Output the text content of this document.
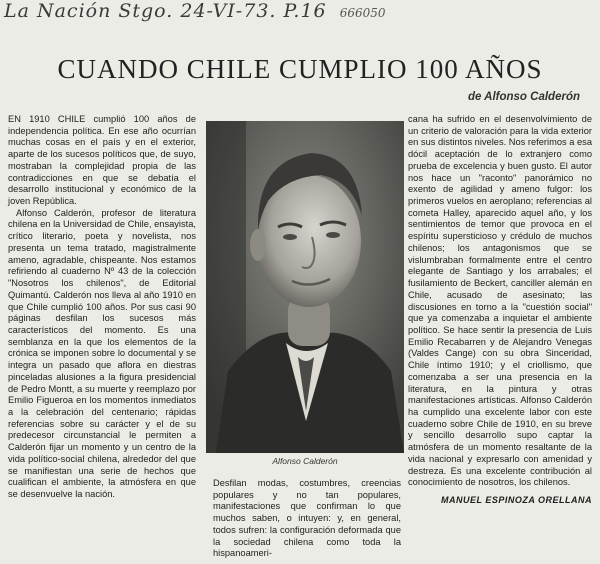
La Nación Stgo. 24-VI-73. P.16 666050
CUANDO CHILE CUMPLIO 100 AÑOS
de Alfonso Calderón

EN 1910 CHILE cumplió 100 años de independencia política. En ese año ocurrían muchas cosas en el país y en el exterior, aparte de los sucesos políticos que, de suyo, mostraban la complejidad propia de las contradicciones en que se debatía el desarrollo institucional y económico de la joven República.

Alfonso Calderón, profesor de literatura chilena en la Universidad de Chile, ensayista, crítico literario, poeta y novelista, nos presenta un tema tratado, magistralmente ameno, agradable, chispeante. Nos estamos refiriendo al cuaderno Nº 43 de la colección "Nosotros los chilenos", de Editorial Quimantú. Calderón nos lleva al año 1910 en que Chile cumplió 100 años. Por sus casi 90 páginas desfilan los sucesos más característicos del momento. Es una semblanza en la que los elementos de la crónica se imponen sobre lo documental y se integra un pasado que aflora en diestras pinceladas alusiones a la figura presidencial de Pedro Montt, a su muerte y reemplazo por Emilio Figueroa en los momentos inmediatos a la celebración del centenario; rápidas referencias sobre su carácter y el de su predecesor circunstancial le permiten a Calderón fijar un momento y un centro de la vida político-social chilena, alrededor del que se manifiestan una serie de hechos que cualifican el ambiente, la atmósfera en que se desenvuelve la nación.

Alfonso Calderón

Desfilan modas, costumbres, creencias populares y no tan populares, manifestaciones que confirman lo que muchos saben, o intuyen: y, en general, todos sufren: la configuración deformada que la sociedad chilena como toda la hispanoameri-

cana ha sufrido en el desenvolvimiento de un criterio de valoración para la vida exterior en sus distintos niveles. Nos referimos a esa dócil aceptación de lo extranjero como prueba de excelencia y buen gusto. El autor nos hace un "raconto" panorámico no exento de agilidad y ameno fulgor: los primeros vuelos en aeroplano; referencias al cometa Halley, aparecido aquel año, y los sentimientos de temor que provoca en el espíritu supersticioso y crédulo de muchos chilenos; los antagonismos que se vislumbraban formalmente entre el centro elegante de Santiago y los arrabales; el fusilamiento de Beckert, canciller alemán en Chile, acusado de asesinato; las discusiones en torno a la "cuestión social" que ya comenzaba a inquietar el ambiente político. Se hace sentir la presencia de Luis Emilio Recabarren y de Alejandro Venegas (Valdes Cange) con su obra Sinceridad, Chile íntimo 1910; y el criollismo, que comenzaba a ser una presencia en la literatura, en la pintura y otras manifestaciones artísticas. Alfonso Calderón ha cumplido una excelente labor con este cuaderno sobre Chile de 1910, en su breve y sencillo desarrollo supo captar la atmósfera de un momento resaltante de la vida nacional y expresarlo con amenidad y destreza. Es una excelente contribución al conocimiento de nosotros, los chilenos.

MANUEL ESPINOZA ORELLANA
